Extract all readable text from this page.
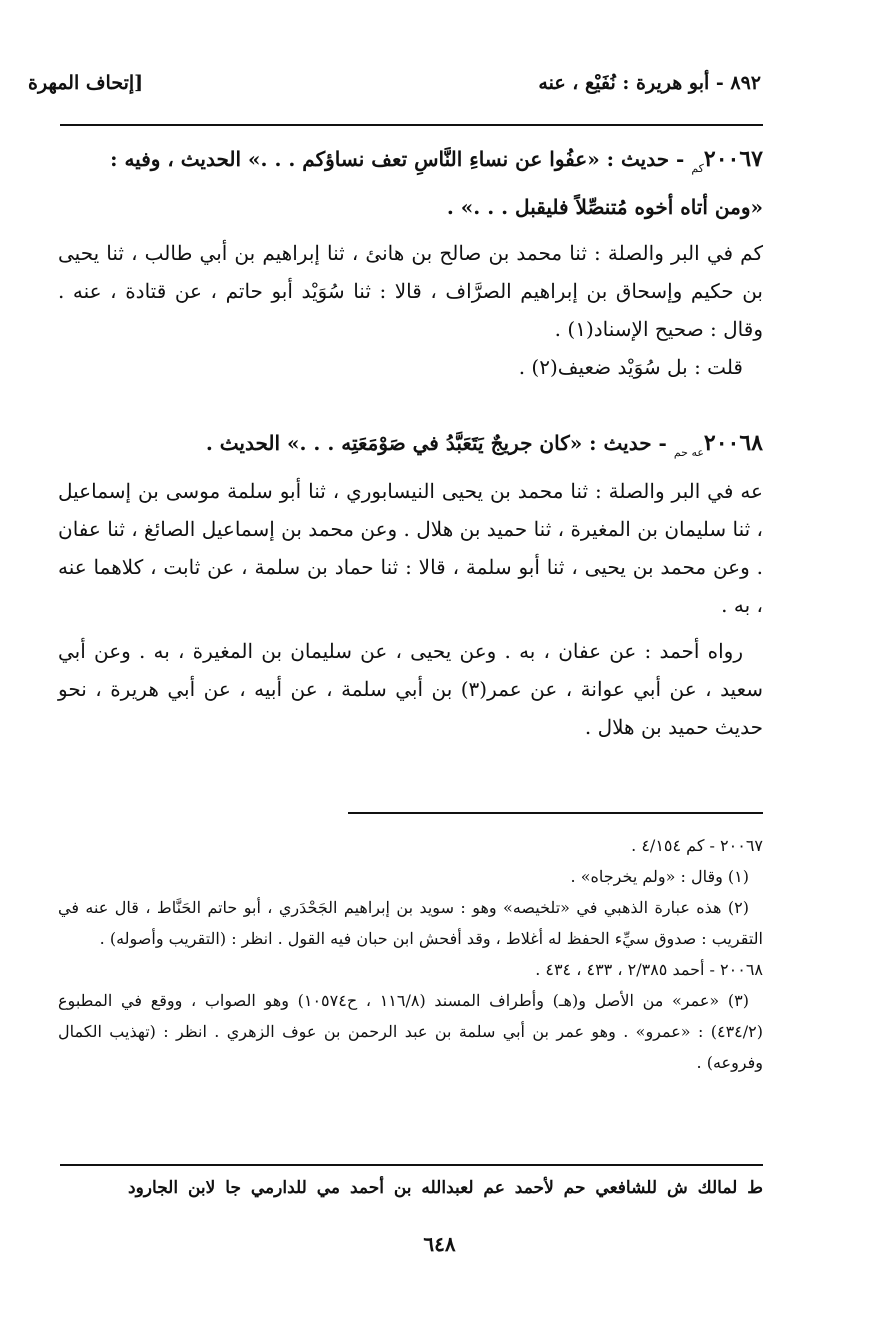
٨٩٢ - أبو هريرة : نُفَيْع ، عنه
[إتحاف المهرة

$٢٠٠٦٧_{كم}$ - حديث : «عفُوا عن نساءِ النَّاسِ تعف نساؤكم . . .» الحديث ، وفيه :
«ومن أتاه أخوه مُتنصِّلاً فليقبل . . .» .

كم في البر والصلة : ثنا محمد بن صالح بن هانئ ، ثنا إبراهيم بن أبي طالب ، ثنا يحيى بن حكيم وإسحاق بن إبراهيم الصرَّاف ، قالا : ثنا سُوَيْد أبو حاتم ، عن قتادة ، عنه . وقال : صحيح الإسناد(١) .

قلت : بل سُوَيْد ضعيف(٢) .

$٢٠٠٦٨_{عه حم}$ - حديث : «كان جريجٌ يَتَعَبَّدُ في صَوْمَعَتِه . . .» الحديث .

عه في البر والصلة : ثنا محمد بن يحيى النيسابوري ، ثنا أبو سلمة موسى بن إسماعيل ، ثنا سليمان بن المغيرة ، ثنا حميد بن هلال . وعن محمد بن إسماعيل الصائغ ، ثنا عفان . وعن محمد بن يحيى ، ثنا أبو سلمة ، قالا : ثنا حماد بن سلمة ، عن ثابت ، كلاهما عنه ، به .

رواه أحمد : عن عفان ، به . وعن يحيى ، عن سليمان بن المغيرة ، به . وعن أبي سعيد ، عن أبي عوانة ، عن عمر(٣) بن أبي سلمة ، عن أبيه ، عن أبي هريرة ، نحو حديث حميد بن هلال .

٢٠٠٦٧ - كم ٤/١٥٤ .

(١) وقال : «ولم يخرجاه» .

(٢) هذه عبارة الذهبي في «تلخيصه» وهو : سويد بن إبراهيم الجَحْدَري ، أبو حاتم الحَنَّاط ، قال عنه في التقريب : صدوق سيِّء الحفظ له أغلاط ، وقد أفحش ابن حبان فيه القول . انظر : (التقريب وأصوله) .

٢٠٠٦٨ - أحمد ٢/٣٨٥ ، ٤٣٣ ، ٤٣٤ .

(٣) «عمر» من الأصل و(هـ) وأطراف المسند (١١٦/٨ ، ح١٠٥٧٤) وهو الصواب ، ووقع في المطبوع (٤٣٤/٢) : «عمرو» . وهو عمر بن أبي سلمة بن عبد الرحمن بن عوف الزهري . انظر : (تهذيب الكمال وفروعه) .

ط لمالك ش للشافعي حم لأحمد عم لعبدالله بن أحمد مي للدارمي جا لابن الجارود
٦٤٨
